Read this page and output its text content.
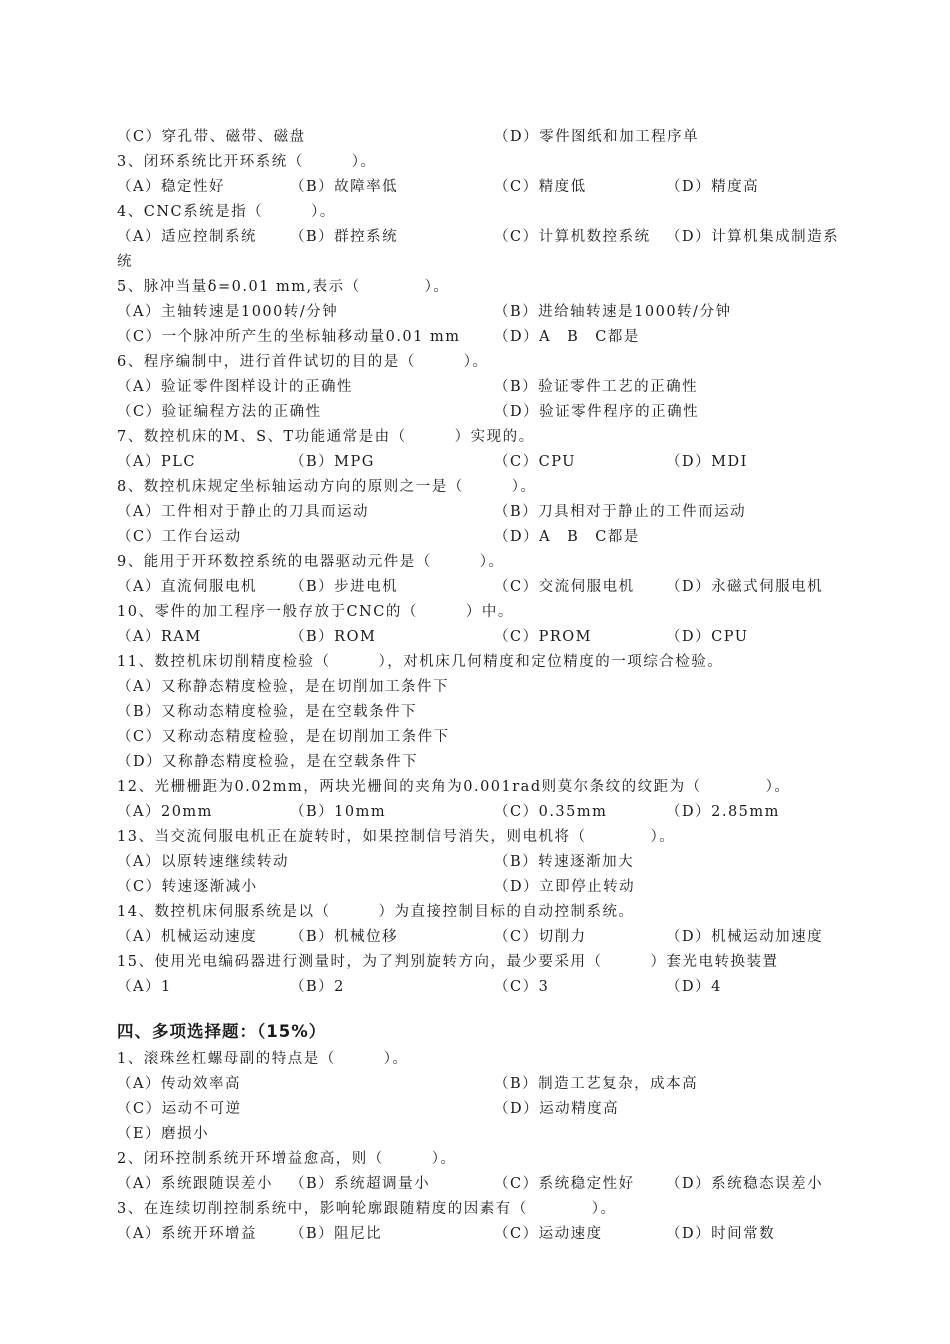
四、多项选择题：（15%）
（C）穿孔带、磁带、磁盘	（D）零件图纸和加工程序单
3、闭环系统比开环系统（　　　）。
（A）稳定性好	（B）故障率低	（C）精度低	（D）精度高
4、CNC系统是指（　　　）。
（A）适应控制系统 （B）群控系统	（C）计算机数控系统 （D）计算机集成制造系
统
5、脉冲当量δ=0.01 mm,表示（　　　　）。
（A）主轴转速是1000转/分钟	（B）进给轴转速是1000转/分钟
（C）一个脉冲所产生的坐标轴移动量0.01 mm （D）A　B　C都是
6、程序编制中，进行首件试切的目的是（　　　）。
（A）验证零件图样设计的正确性	（B）验证零件工艺的正确性
（C）验证编程方法的正确性	（D）验证零件程序的正确性
7、数控机床的M、S、T功能通常是由（　　　）实现的。
（A）PLC	（B）MPG	（C）CPU	（D）MDI
8、数控机床规定坐标轴运动方向的原则之一是（　　　）。
（A）工件相对于静止的刀具而运动	（B）刀具相对于静止的工件而运动
（C）工作台运动	（D）A　B　C都是
9、能用于开环数控系统的电器驱动元件是（　　　）。
（A）直流伺服电机 （B）步进电机	（C）交流伺服电机 （D）永磁式伺服电机
10、零件的加工程序一般存放于CNC的（　　　）中。
（A）RAM	（B）ROM	（C）PROM	（D）CPU
11、数控机床切削精度检验（　　　），对机床几何精度和定位精度的一项综合检验。
（A）又称静态精度检验，是在切削加工条件下
（B）又称动态精度检验，是在空载条件下
（C）又称动态精度检验，是在切削加工条件下
（D）又称静态精度检验，是在空载条件下
12、光栅栅距为0.02mm，两块光栅间的夹角为0.001rad则莫尔条纹的纹距为（　　　　）。
（A）20mm	（B）10mm	（C）0.35mm	（D）2.85mm
13、当交流伺服电机正在旋转时，如果控制信号消失，则电机将（　　　　）。
（A）以原转速继续转动	（B）转速逐渐加大
（C）转速逐渐减小	（D）立即停止转动
14、数控机床伺服系统是以（　　　）为直接控制目标的自动控制系统。
（A）机械运动速度 （B）机械位移	（C）切削力	（D）机械运动加速度
15、使用光电编码器进行测量时，为了判别旋转方向，最少要采用（　　　）套光电转换装置
（A）1	（B）2	（C）3	（D）4
1、滚珠丝杠螺母副的特点是（　　　）。
（A）传动效率高	（B）制造工艺复杂，成本高
（C）运动不可逆	（D）运动精度高
（E）磨损小
2、闭环控制系统开环增益愈高，则（　　　）。
（A）系统跟随误差小 （B）系统超调量小	（C）系统稳定性好 （D）系统稳态误差小
3、在连续切削控制系统中，影响轮廓跟随精度的因素有（　　　　）。
（A）系统开环增益 （B）阻尼比	（C）运动速度	（D）时间常数
